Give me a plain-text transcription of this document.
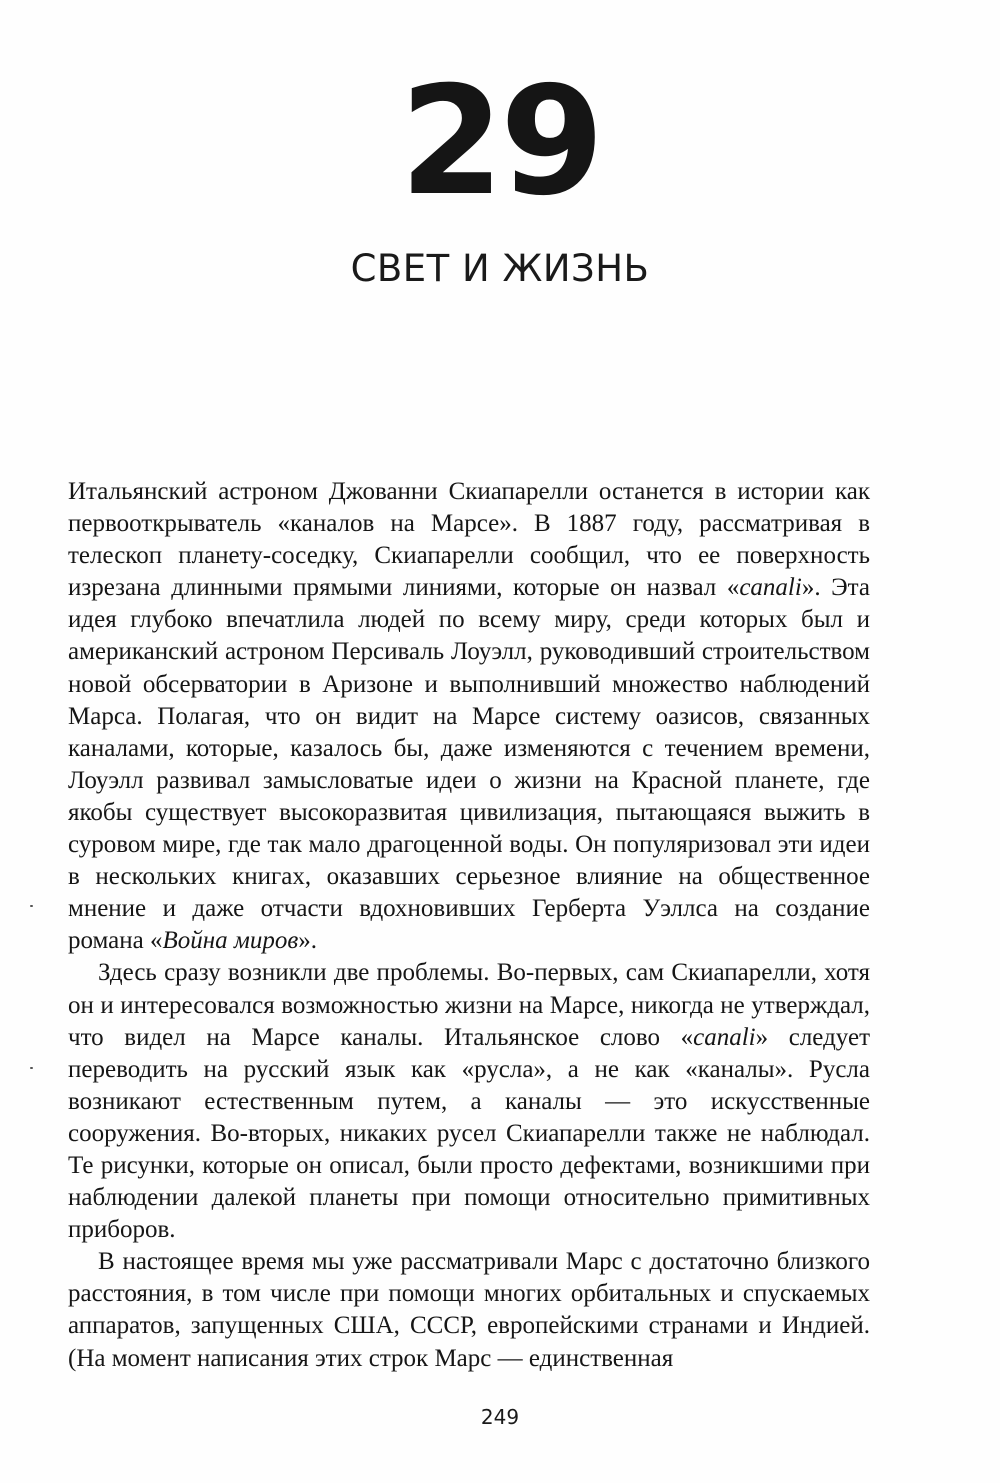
29
СВЕТ И ЖИЗНЬ

Итальянский астроном Джованни Скиапарелли останется в истории как первооткрыватель «каналов на Марсе». В 1887 году, рассматривая в телескоп планету-соседку, Скиапарелли сообщил, что ее поверхность изрезана длинными прямыми линиями, которые он назвал «canali». Эта идея глубоко впечатлила людей по всему миру, среди которых был и американский астроном Персиваль Лоуэлл, руководивший строительством новой обсерватории в Аризоне и выполнивший множество наблюдений Марса. Полагая, что он видит на Марсе систему оазисов, связанных каналами, которые, казалось бы, даже изменяются с течением времени, Лоуэлл развивал замысловатые идеи о жизни на Красной планете, где якобы существует высокоразвитая цивилизация, пытающаяся выжить в суровом мире, где так мало драгоценной воды. Он популяризовал эти идеи в нескольких книгах, оказавших серьезное влияние на общественное мнение и даже отчасти вдохновивших Герберта Уэллса на создание романа «Война миров».

Здесь сразу возникли две проблемы. Во-первых, сам Скиапарелли, хотя он и интересовался возможностью жизни на Марсе, никогда не утверждал, что видел на Марсе каналы. Итальянское слово «canali» следует переводить на русский язык как «русла», а не как «каналы». Русла возникают естественным путем, а каналы — это искусственные сооружения. Во-вторых, никаких русел Скиапарелли также не наблюдал. Те рисунки, которые он описал, были просто дефектами, возникшими при наблюдении далекой планеты при помощи относительно примитивных приборов.

В настоящее время мы уже рассматривали Марс с достаточно близкого расстояния, в том числе при помощи многих орбитальных и спускаемых аппаратов, запущенных США, СССР, европейскими странами и Индией. (На момент написания этих строк Марс — единственная

249
